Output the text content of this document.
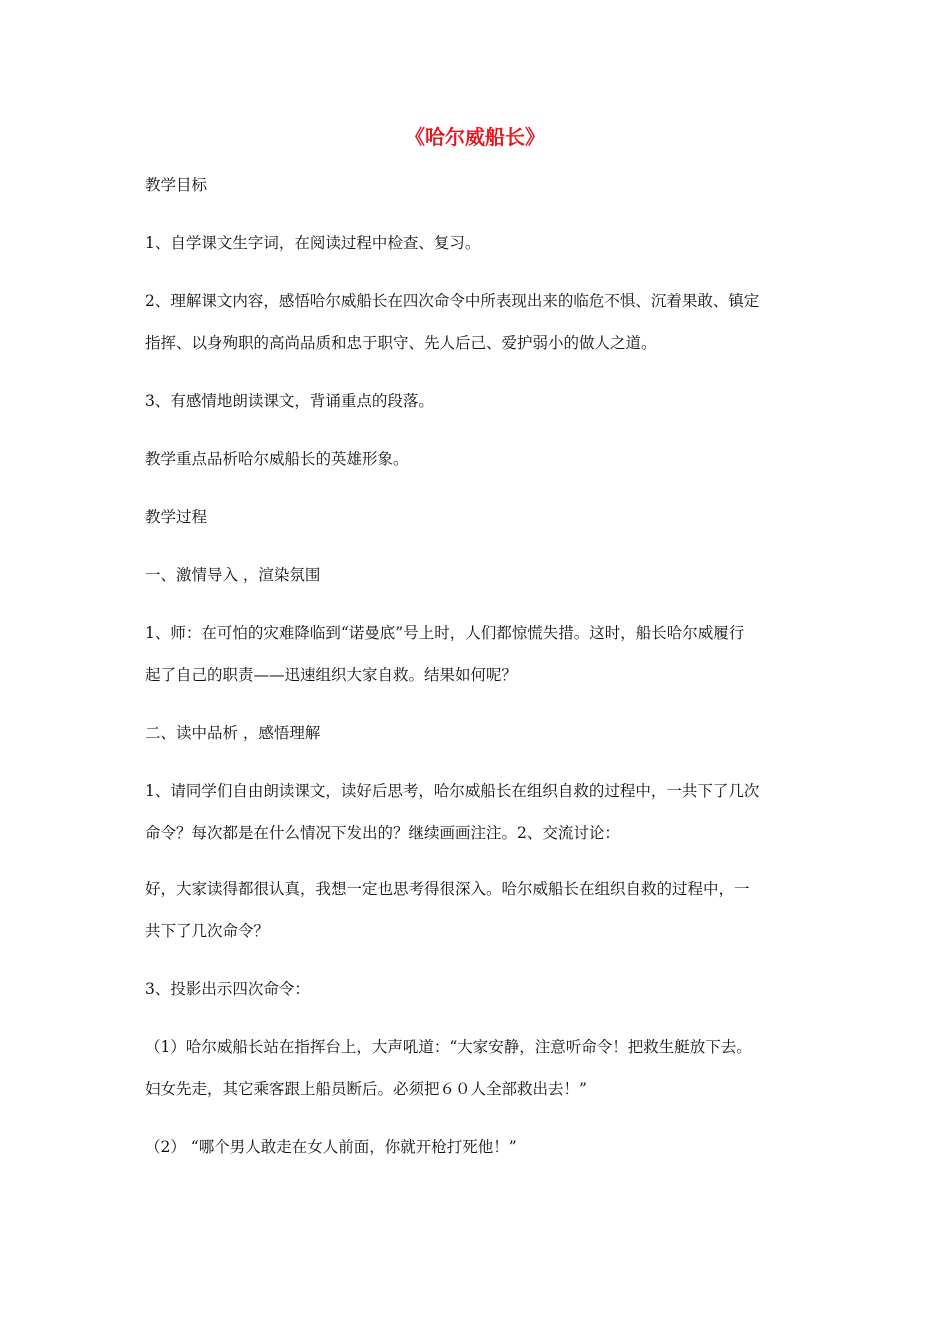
《哈尔威船长》
教学目标
1、自学课文生字词，在阅读过程中检查、复习。
2、理解课文内容，感悟哈尔威船长在四次命令中所表现出来的临危不惧、沉着果敢、镇定
指挥、以身殉职的高尚品质和忠于职守、先人后己、爱护弱小的做人之道。
3、有感情地朗读课文，背诵重点的段落。
教学重点品析哈尔威船长的英雄形象。
教学过程
一、激情导入 ，渲染氛围
1、师：在可怕的灾难降临到“诺曼底”号上时，人们都惊慌失措。这时，船长哈尔威履行
起了自己的职责——迅速组织大家自救。结果如何呢？
二、读中品析 ，感悟理解
1、请同学们自由朗读课文，读好后思考，哈尔威船长在组织自救的过程中，一共下了几次
命令？每次都是在什么情况下发出的？继续画画注注。2、交流讨论：
好，大家读得都很认真，我想一定也思考得很深入。哈尔威船长在组织自救的过程中，一
共下了几次命令？
3、投影出示四次命令：
（1）哈尔威船长站在指挥台上，大声吼道：“大家安静，注意听命令！把救生艇放下去。
妇女先走，其它乘客跟上船员断后。必须把６０人全部救出去！”
（2） “哪个男人敢走在女人前面，你就开枪打死他！”
